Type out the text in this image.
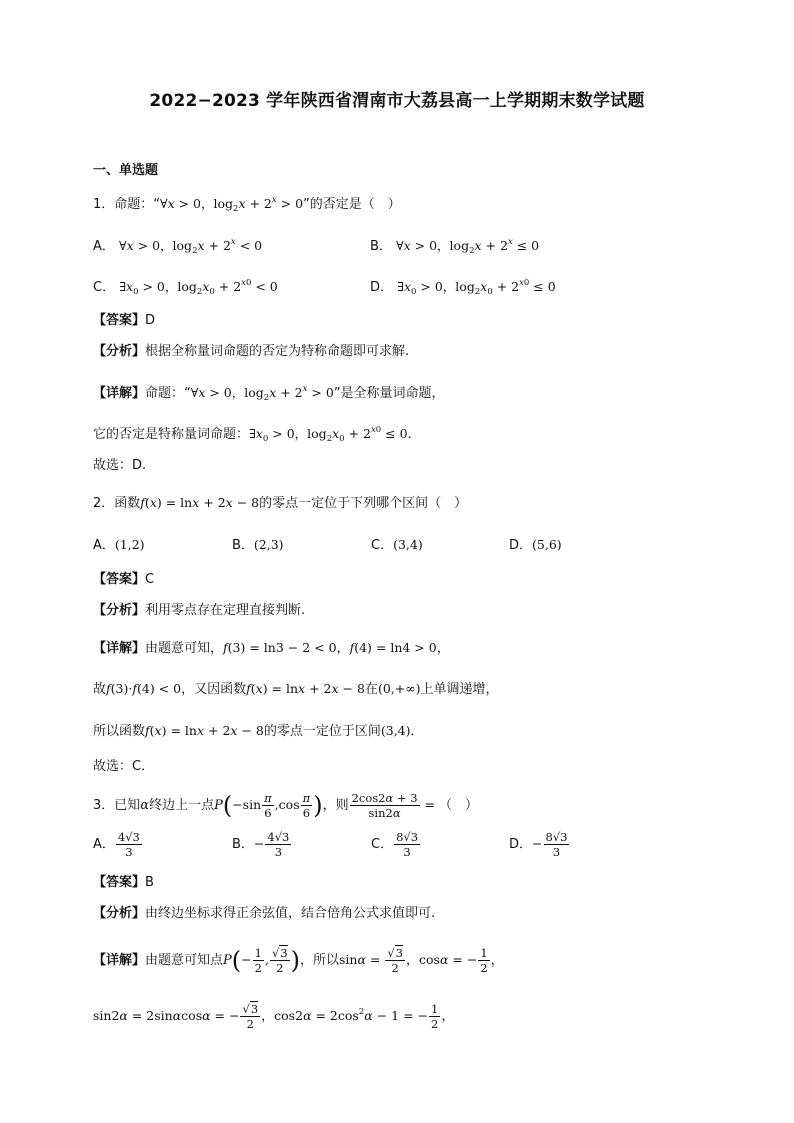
2022−2023 学年陕西省渭南市大荔县高一上学期期末数学试题
一、单选题
1．命题：“∀x > 0，$\log_2x + 2^x > 0$”的否定是（　）
A． ∀x > 0，$\log_2x + 2^x < 0$	B． ∀x > 0，$\log_2x + 2^x \le 0$
C． $\exists x_0 > 0$，$\log_2x_0 + 2^{x0} < 0$	D． $\exists x_0 > 0$，$\log_2x_0 + 2^{x0} \le 0$
【答案】D
【分析】根据全称量词命题的否定为特称命题即可求解.
【详解】命题：“∀x > 0，$\log_2x + 2^x > 0$”是全称量词命题，
它的否定是特称量词命题：$\exists x_0 > 0$，$\log_2x_0 + 2^{x0} \le 0$．
故选：D.
2．函数f(x) = lnx + 2x − 8的零点一定位于下列哪个区间（　）
A．(1,2)	B．(2,3)	C．(3,4)	D．(5,6)
【答案】C
【分析】利用零点存在定理直接判断.
【详解】由题意可知，f(3) = ln3 − 2 < 0，f(4) = ln4 > 0，
故f(3)·f(4) < 0，又因函数f(x) = lnx + 2x − 8在(0,+∞)上单调递增，
所以函数f(x) = lnx + 2x − 8的零点一定位于区间(3,4)．
故选：C．
3．已知α终边上一点$P(-\sin \frac{\pi}{6} ,\cos \frac{\pi}{6}$ )，则 $\frac{2\cos 2\alpha + 3}{\sin 2\alpha}$ = （　）
A． $\frac{4√3}{3}$	B．− $\frac{4√3}{3}$	C． $\frac{8√3}{3}$	D．− $\frac{8√3}{3}$
【答案】B
【分析】由终边坐标求得正余弦值，结合倍角公式求值即可.
【详解】由题意可知点$P(- \frac{1}{2}$ , $\frac{√3}{2}$ )，所以$\sin\alpha = \frac{√3}{2}$ ，cosα = − $\frac{1}{2}$ ，
sin2α = 2sinαcosα = − $\frac{√3}{2}$ ，$\cos 2\alpha = 2\cos^2\alpha - 1$ = − $\frac{1}{2}$ ，
